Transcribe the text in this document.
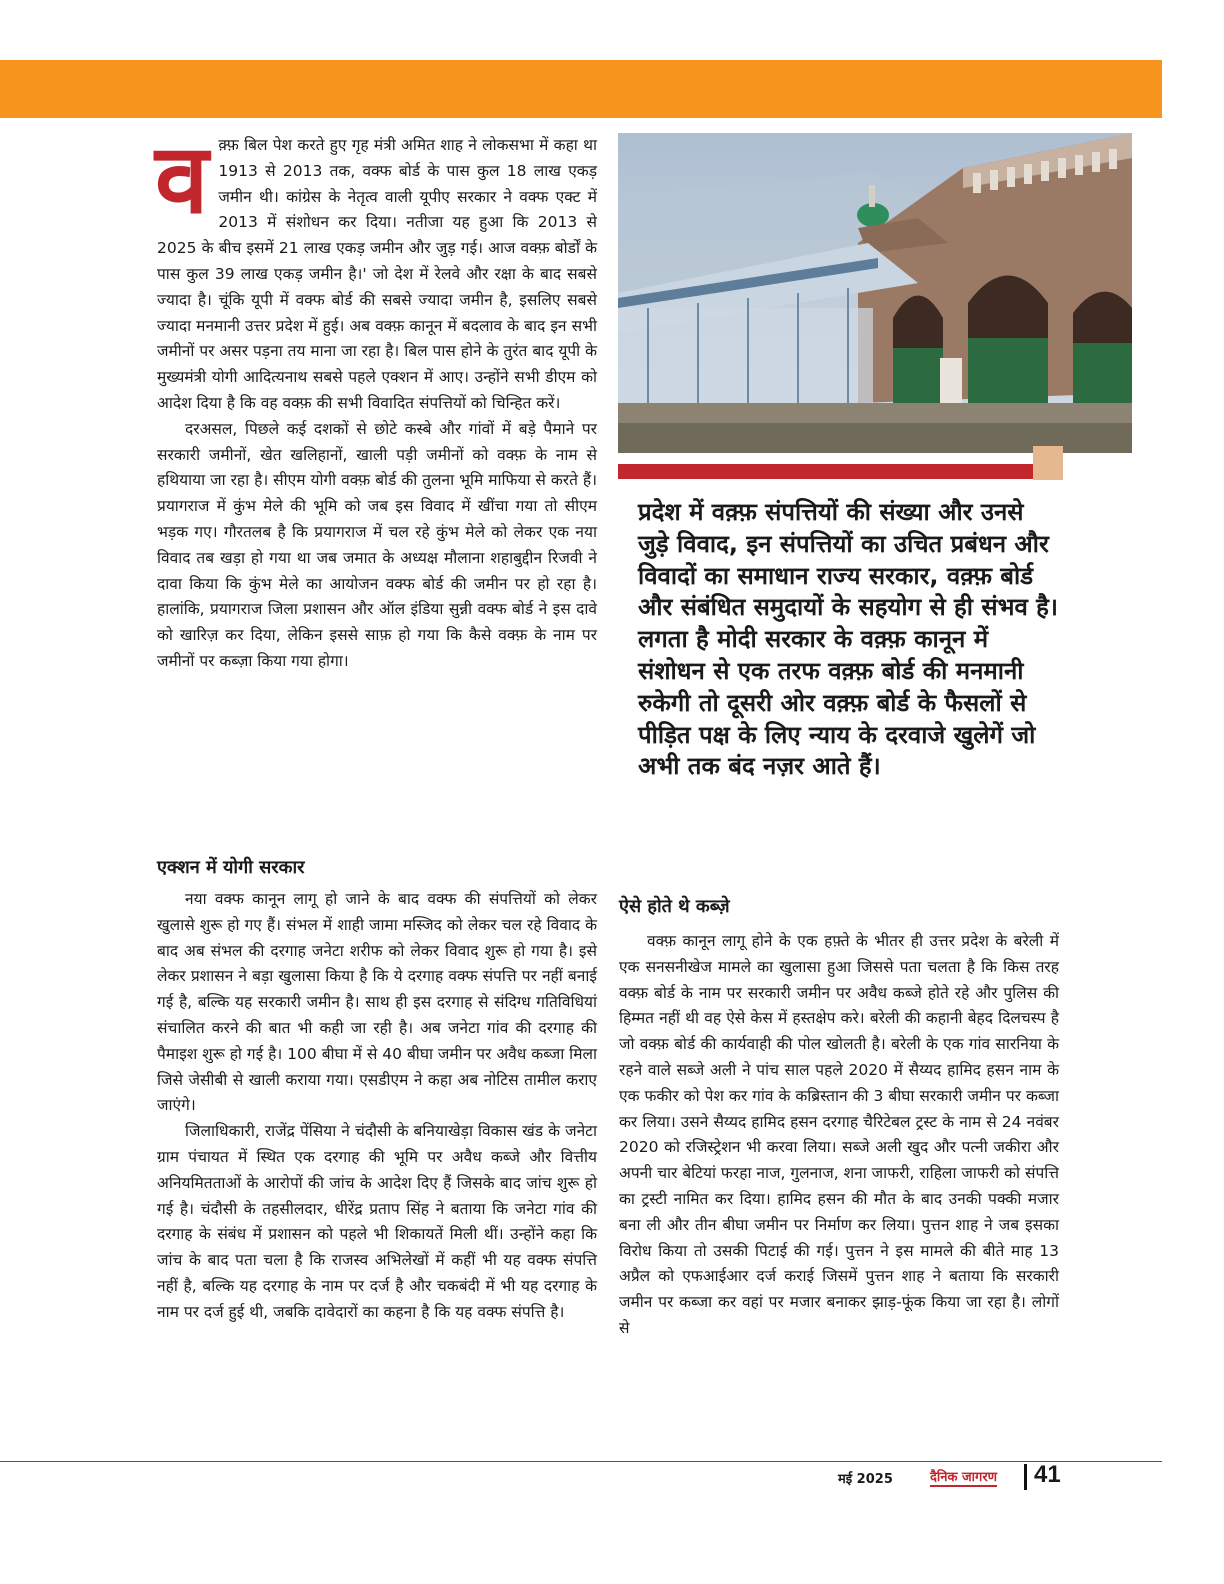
वक़्फ़ बिल पेश करते हुए गृह मंत्री अमित शाह ने लोकसभा में कहा था 1913 से 2013 तक, वक्फ बोर्ड के पास कुल 18 लाख एकड़ जमीन थी। कांग्रेस के नेतृत्व वाली यूपीए सरकार ने वक्फ एक्ट में 2013 में संशोधन कर दिया। नतीजा यह हुआ कि 2013 से 2025 के बीच इसमें 21 लाख एकड़ जमीन और जुड़ गई। आज वक्फ़ बोर्डों के पास कुल 39 लाख एकड़ जमीन है।' जो देश में रेलवे और रक्षा के बाद सबसे ज्यादा है। चूंकि यूपी में वक्फ बोर्ड की सबसे ज्यादा जमीन है, इसलिए सबसे ज्यादा मनमानी उत्तर प्रदेश में हुई। अब वक्फ़ कानून में बदलाव के बाद इन सभी जमीनों पर असर पड़ना तय माना जा रहा है। बिल पास होने के तुरंत बाद यूपी के मुख्यमंत्री योगी आदित्यनाथ सबसे पहले एक्शन में आए। उन्होंने सभी डीएम को आदेश दिया है कि वह वक्फ़ की सभी विवादित संपत्तियों को चिन्हित करें।

दरअसल, पिछले कई दशकों से छोटे कस्बे और गांवों में बड़े पैमाने पर सरकारी जमीनों, खेत खलिहानों, खाली पड़ी जमीनों को वक्फ़ के नाम से हथियाया जा रहा है। सीएम योगी वक्फ़ बोर्ड की तुलना भूमि माफिया से करते हैं। प्रयागराज में कुंभ मेले की भूमि को जब इस विवाद में खींचा गया तो सीएम भड़क गए। गौरतलब है कि प्रयागराज में चल रहे कुंभ मेले को लेकर एक नया विवाद तब खड़ा हो गया था जब जमात के अध्यक्ष मौलाना शहाबुद्दीन रिजवी ने दावा किया कि कुंभ मेले का आयोजन वक्फ बोर्ड की जमीन पर हो रहा है। हालांकि, प्रयागराज जिला प्रशासन और ऑल इंडिया सुन्नी वक्फ बोर्ड ने इस दावे को खारिज़ कर दिया, लेकिन इससे साफ़ हो गया कि कैसे वक्फ़ के नाम पर जमीनों पर कब्ज़ा किया गया होगा।

एक्शन में योगी सरकार

नया वक्फ कानून लागू हो जाने के बाद वक्फ की संपत्तियों को लेकर खुलासे शुरू हो गए हैं। संभल में शाही जामा मस्जिद को लेकर चल रहे विवाद के बाद अब संभल की दरगाह जनेटा शरीफ को लेकर विवाद शुरू हो गया है। इसे लेकर प्रशासन ने बड़ा खुलासा किया है कि ये दरगाह वक्फ संपत्ति पर नहीं बनाई गई है, बल्कि यह सरकारी जमीन है। साथ ही इस दरगाह से संदिग्ध गतिविधियां संचालित करने की बात भी कही जा रही है। अब जनेटा गांव की दरगाह की पैमाइश शुरू हो गई है। 100 बीघा में से 40 बीघा जमीन पर अवैध कब्जा मिला जिसे जेसीबी से खाली कराया गया। एसडीएम ने कहा अब नोटिस तामील कराए जाएंगे।

जिलाधिकारी, राजेंद्र पेंसिया ने चंदौसी के बनियाखेड़ा विकास खंड के जनेटा ग्राम पंचायत में स्थित एक दरगाह की भूमि पर अवैध कब्जे और वित्तीय अनियमितताओं के आरोपों की जांच के आदेश दिए हैं जिसके बाद जांच शुरू हो गई है। चंदौसी के तहसीलदार, धीरेंद्र प्रताप सिंह ने बताया कि जनेटा गांव की दरगाह के संबंध में प्रशासन को पहले भी शिकायतें मिली थीं। उन्होंने कहा कि जांच के बाद पता चला है कि राजस्व अभिलेखों में कहीं भी यह वक्फ संपत्ति नहीं है, बल्कि यह दरगाह के नाम पर दर्ज है और चकबंदी में भी यह दरगाह के नाम पर दर्ज हुई थी, जबकि दावेदारों का कहना है कि यह वक्फ संपत्ति है।

प्रदेश में वक़्फ़ संपत्तियों की संख्या और उनसे जुड़े विवाद, इन संपत्तियों का उचित प्रबंधन और विवादों का समाधान राज्य सरकार, वक़्फ़ बोर्ड और संबंधित समुदायों के सहयोग से ही संभव है। लगता है मोदी सरकार के वक़्फ़ कानून में संशोधन से एक तरफ वक़्फ़ बोर्ड की मनमानी रुकेगी तो दूसरी ओर वक़्फ़ बोर्ड के फैसलों से पीड़ित पक्ष के लिए न्याय के दरवाजे खुलेगें जो अभी तक बंद नज़र आते हैं।
ऐसे होते थे कब्ज़े

वक्फ़ कानून लागू होने के एक हफ़्ते के भीतर ही उत्तर प्रदेश के बरेली में एक सनसनीखेज मामले का खुलासा हुआ जिससे पता चलता है कि किस तरह वक्फ़ बोर्ड के नाम पर सरकारी जमीन पर अवैध कब्जे होते रहे और पुलिस की हिम्मत नहीं थी वह ऐसे केस में हस्तक्षेप करे। बरेली की कहानी बेहद दिलचस्प है जो वक्फ़ बोर्ड की कार्यवाही की पोल खोलती है। बरेली के एक गांव सारनिया के रहने वाले सब्जे अली ने पांच साल पहले 2020 में सैय्यद हामिद हसन नाम के एक फकीर को पेश कर गांव के कब्रिस्तान की 3 बीघा सरकारी जमीन पर कब्जा कर लिया। उसने सैय्यद हामिद हसन दरगाह चैरिटेबल ट्रस्ट के नाम से 24 नवंबर 2020 को रजिस्ट्रेशन भी करवा लिया। सब्जे अली खुद और पत्नी जकीरा और अपनी चार बेटियां फरहा नाज, गुलनाज, शना जाफरी, राहिला जाफरी को संपत्ति का ट्रस्टी नामित कर दिया। हामिद हसन की मौत के बाद उनकी पक्की मजार बना ली और तीन बीघा जमीन पर निर्माण कर लिया। पुत्तन शाह ने जब इसका विरोध किया तो उसकी पिटाई की गई। पुत्तन ने इस मामले की बीते माह 13 अप्रैल को एफआईआर दर्ज कराई जिसमें पुत्तन शाह ने बताया कि सरकारी जमीन पर कब्जा कर वहां पर मजार बनाकर झाड़-फूंक किया जा रहा है। लोगों से

मई 2025	दैनिक जागरण 41
